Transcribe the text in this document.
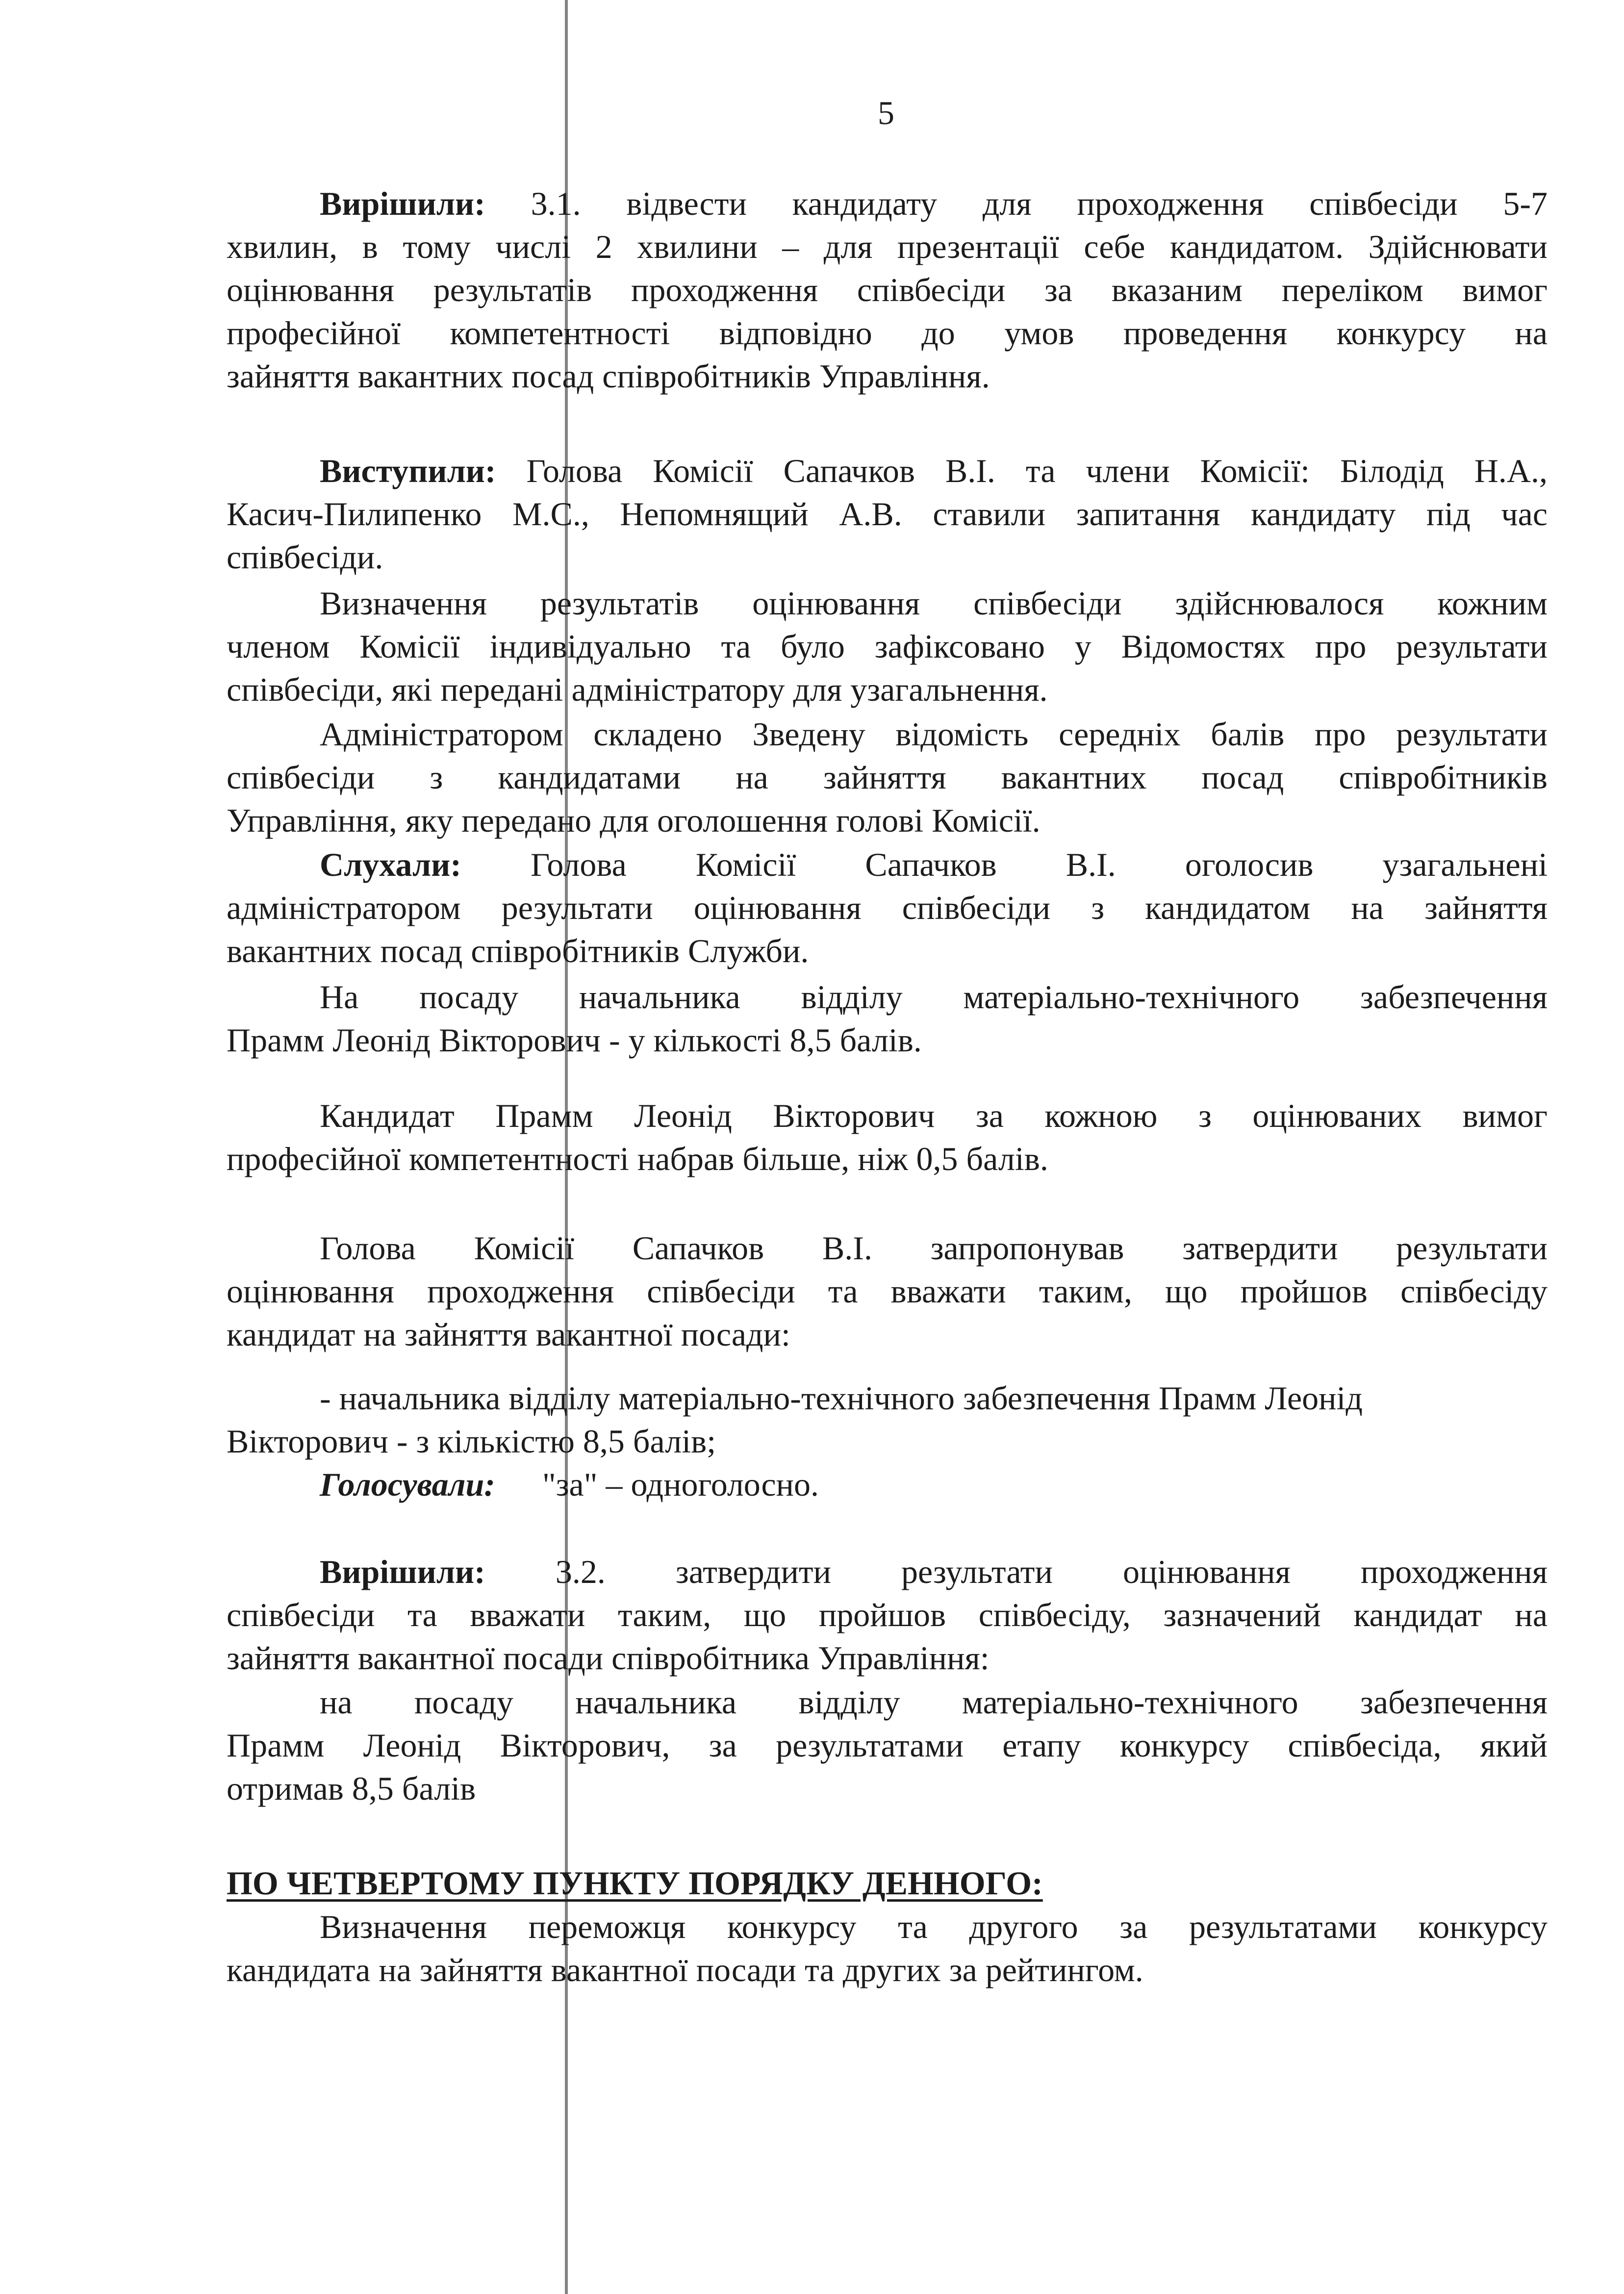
5
Вирішили: 3.1. відвести кандидату для проходження співбесіди 5-7
хвилин, в тому числі 2 хвилини – для презентації себе кандидатом. Здійснювати
оцінювання результатів проходження співбесіди за вказаним переліком вимог
професійної компетентності відповідно до умов проведення конкурсу на
зайняття вакантних посад співробітників Управління.
Виступили: Голова Комісії Сапачков В.І. та члени Комісії: Білодід Н.А.,
Касич-Пилипенко М.С., Непомнящий А.В. ставили запитання кандидату під час
співбесіди.
Визначення результатів оцінювання співбесіди здійснювалося кожним
членом Комісії індивідуально та було зафіксовано у Відомостях про результати
співбесіди, які передані адміністратору для узагальнення.
Адміністратором складено Зведену відомість середніх балів про результати
співбесіди з кандидатами на зайняття вакантних посад співробітників
Управління, яку передано для оголошення голові Комісії.
Слухали: Голова Комісії Сапачков В.І. оголосив узагальнені
адміністратором результати оцінювання співбесіди з кандидатом на зайняття
вакантних посад співробітників Служби.
На посаду начальника відділу матеріально-технічного забезпечення
Прамм Леонід Вікторович - у кількості 8,5 балів.
Кандидат Прамм Леонід Вікторович за кожною з оцінюваних вимог
професійної компетентності набрав більше, ніж 0,5 балів.
Голова Комісії Сапачков В.І. запропонував затвердити результати
оцінювання проходження співбесіди та вважати таким, що пройшов співбесіду
кандидат на зайняття вакантної посади:
- начальника відділу матеріально-технічного забезпечення Прамм Леонід
Вікторович - з кількістю 8,5 балів;
Голосували: "за" – одноголосно.
Вирішили: 3.2. затвердити результати оцінювання проходження
співбесіди та вважати таким, що пройшов співбесіду, зазначений кандидат на
зайняття вакантної посади співробітника Управління:
на посаду начальника відділу матеріально-технічного забезпечення
Прамм Леонід Вікторович, за результатами етапу конкурсу співбесіда, який
отримав 8,5 балів
ПО ЧЕТВЕРТОМУ ПУНКТУ ПОРЯДКУ ДЕННОГО:
Визначення переможця конкурсу та другого за результатами конкурсу
кандидата на зайняття вакантної посади та других за рейтингом.
